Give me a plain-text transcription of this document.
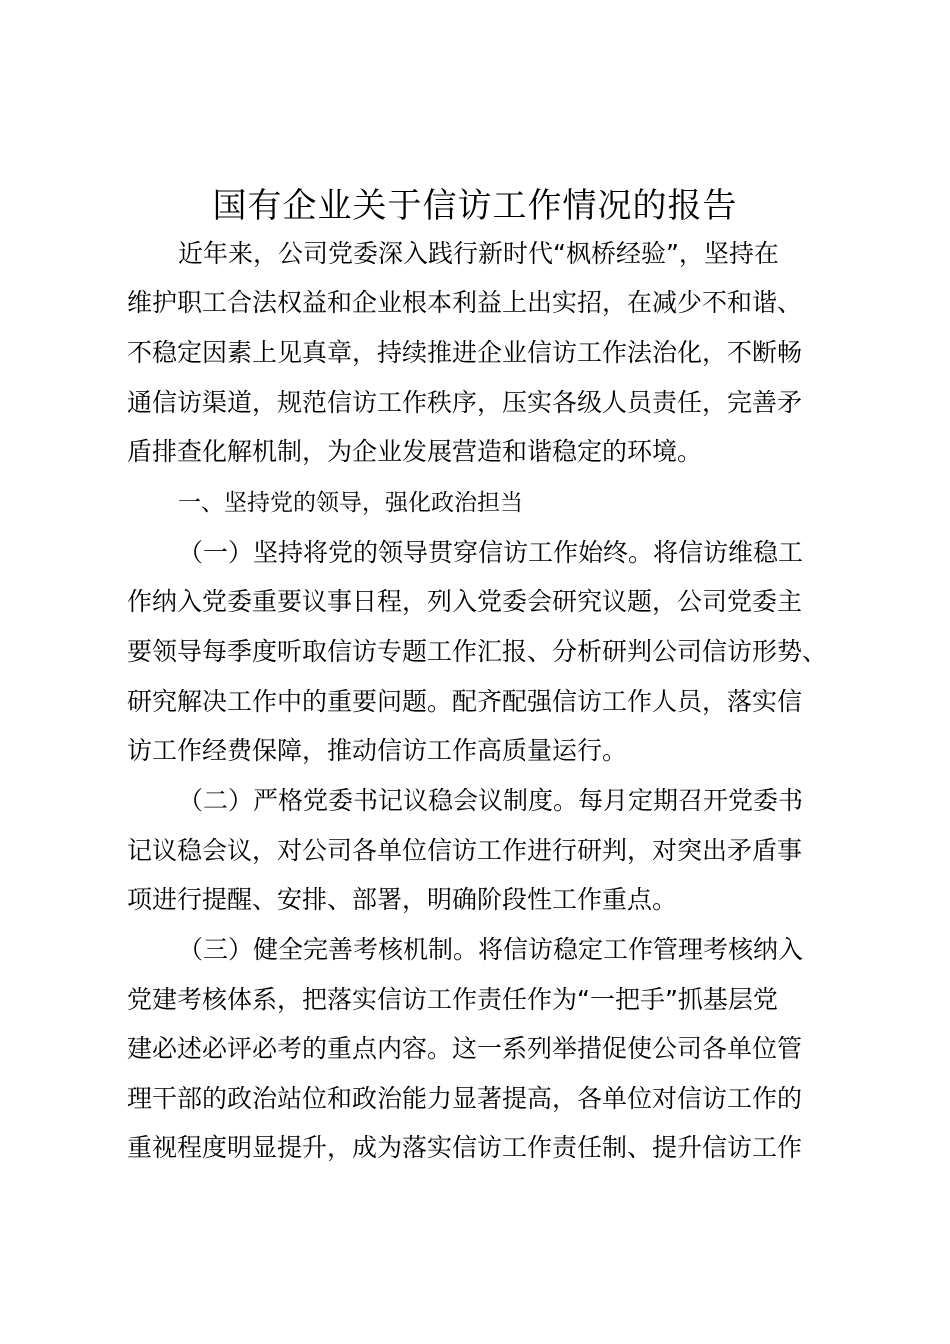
国有企业关于信访工作情况的报告
近年来，公司党委深入践行新时代“枫桥经验”，坚持在
维护职工合法权益和企业根本利益上出实招，在减少不和谐、
不稳定因素上见真章，持续推进企业信访工作法治化，不断畅
通信访渠道，规范信访工作秩序，压实各级人员责任，完善矛
盾排查化解机制，为企业发展营造和谐稳定的环境。
一、坚持党的领导，强化政治担当
（一）坚持将党的领导贯穿信访工作始终。将信访维稳工
作纳入党委重要议事日程，列入党委会研究议题，公司党委主
要领导每季度听取信访专题工作汇报、分析研判公司信访形势、
研究解决工作中的重要问题。配齐配强信访工作人员，落实信
访工作经费保障，推动信访工作高质量运行。
（二）严格党委书记议稳会议制度。每月定期召开党委书
记议稳会议，对公司各单位信访工作进行研判，对突出矛盾事
项进行提醒、安排、部署，明确阶段性工作重点。
（三）健全完善考核机制。将信访稳定工作管理考核纳入
党建考核体系，把落实信访工作责任作为“一把手”抓基层党
建必述必评必考的重点内容。这一系列举措促使公司各单位管
理干部的政治站位和政治能力显著提高，各单位对信访工作的
重视程度明显提升，成为落实信访工作责任制、提升信访工作
